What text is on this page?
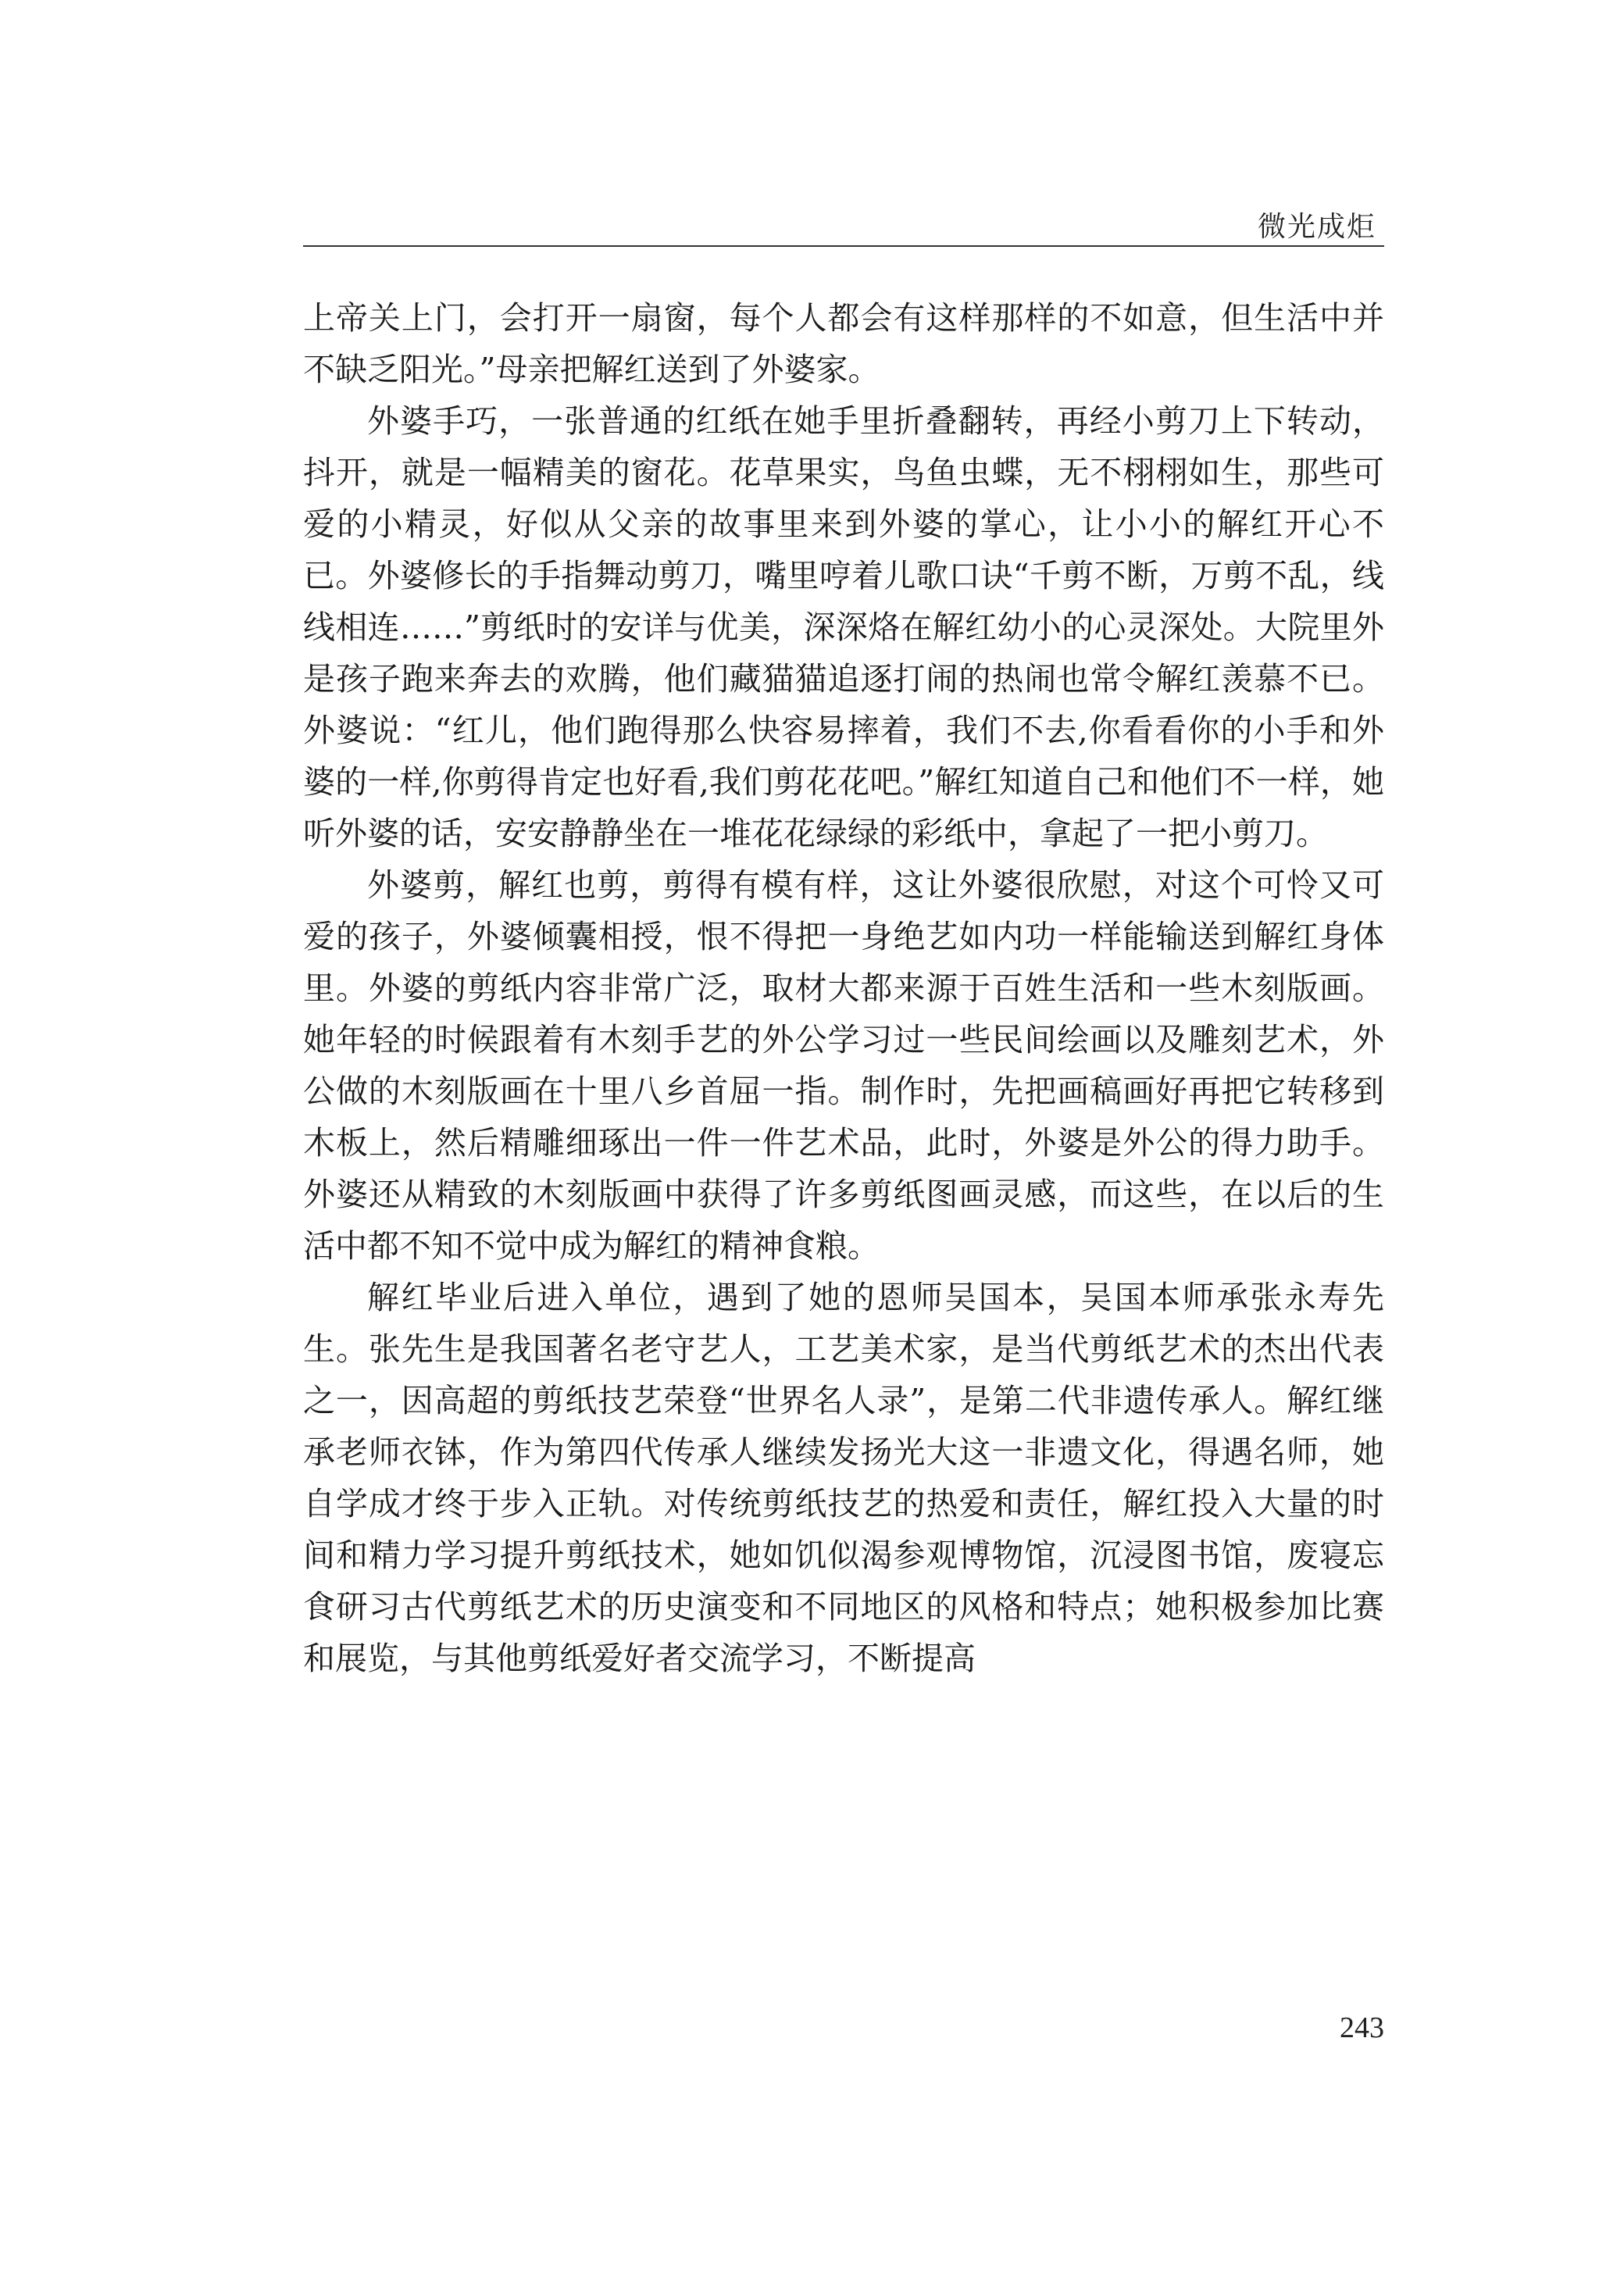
微光成炬

上帝关上门，会打开一扇窗，每个人都会有这样那样的不如意，但生活中并不缺乏阳光。”母亲把解红送到了外婆家。

外婆手巧，一张普通的红纸在她手里折叠翻转，再经小剪刀上下转动，抖开，就是一幅精美的窗花。花草果实，鸟鱼虫蝶，无不栩栩如生，那些可爱的小精灵，好似从父亲的故事里来到外婆的掌心，让小小的解红开心不已。外婆修长的手指舞动剪刀，嘴里哼着儿歌口诀“千剪不断，万剪不乱，线线相连……”剪纸时的安详与优美，深深烙在解红幼小的心灵深处。大院里外是孩子跑来奔去的欢腾，他们藏猫猫追逐打闹的热闹也常令解红羡慕不已。外婆说：“红儿，他们跑得那么快容易摔着，我们不去,你看看你的小手和外婆的一样,你剪得肯定也好看,我们剪花花吧。”解红知道自己和他们不一样，她听外婆的话，安安静静坐在一堆花花绿绿的彩纸中，拿起了一把小剪刀。

外婆剪，解红也剪，剪得有模有样，这让外婆很欣慰，对这个可怜又可爱的孩子，外婆倾囊相授，恨不得把一身绝艺如内功一样能输送到解红身体里。外婆的剪纸内容非常广泛，取材大都来源于百姓生活和一些木刻版画。她年轻的时候跟着有木刻手艺的外公学习过一些民间绘画以及雕刻艺术，外公做的木刻版画在十里八乡首屈一指。制作时，先把画稿画好再把它转移到木板上，然后精雕细琢出一件一件艺术品，此时，外婆是外公的得力助手。外婆还从精致的木刻版画中获得了许多剪纸图画灵感，而这些，在以后的生活中都不知不觉中成为解红的精神食粮。

解红毕业后进入单位，遇到了她的恩师吴国本，吴国本师承张永寿先生。张先生是我国著名老守艺人，工艺美术家，是当代剪纸艺术的杰出代表之一，因高超的剪纸技艺荣登“世界名人录”，是第二代非遗传承人。解红继承老师衣钵，作为第四代传承人继续发扬光大这一非遗文化，得遇名师，她自学成才终于步入正轨。对传统剪纸技艺的热爱和责任，解红投入大量的时间和精力学习提升剪纸技术，她如饥似渴参观博物馆，沉浸图书馆，废寝忘食研习古代剪纸艺术的历史演变和不同地区的风格和特点；她积极参加比赛和展览，与其他剪纸爱好者交流学习，不断提高

243
